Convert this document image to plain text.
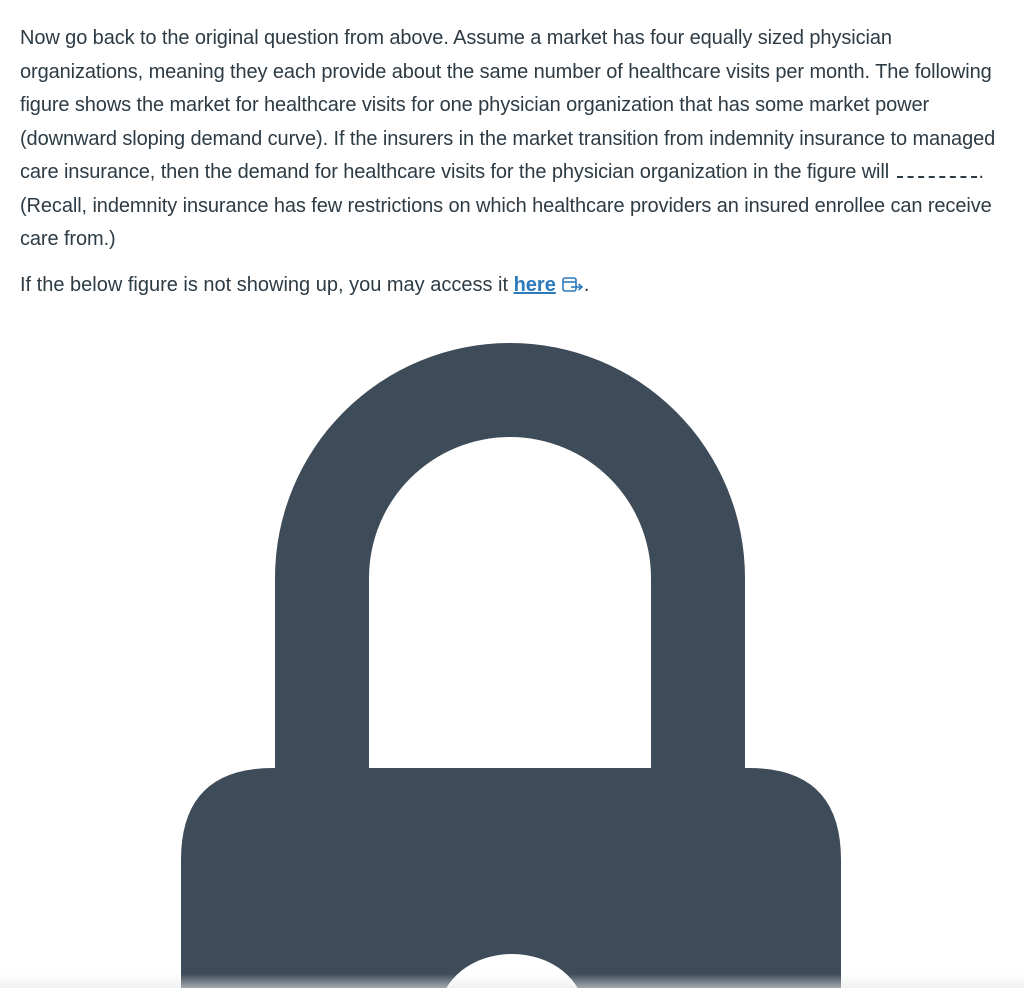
Now go back to the original question from above. Assume a market has four equally sized physician organizations, meaning they each provide about the same number of healthcare visits per month. The following figure shows the market for healthcare visits for one physician organization that has some market power (downward sloping demand curve). If the insurers in the market transition from indemnity insurance to managed care insurance, then the demand for healthcare visits for the physician organization in the figure will	. (Recall, indemnity insurance has few restrictions on which healthcare providers an insured enrollee can receive care from.)

If the below figure is not showing up, you may access it here .
